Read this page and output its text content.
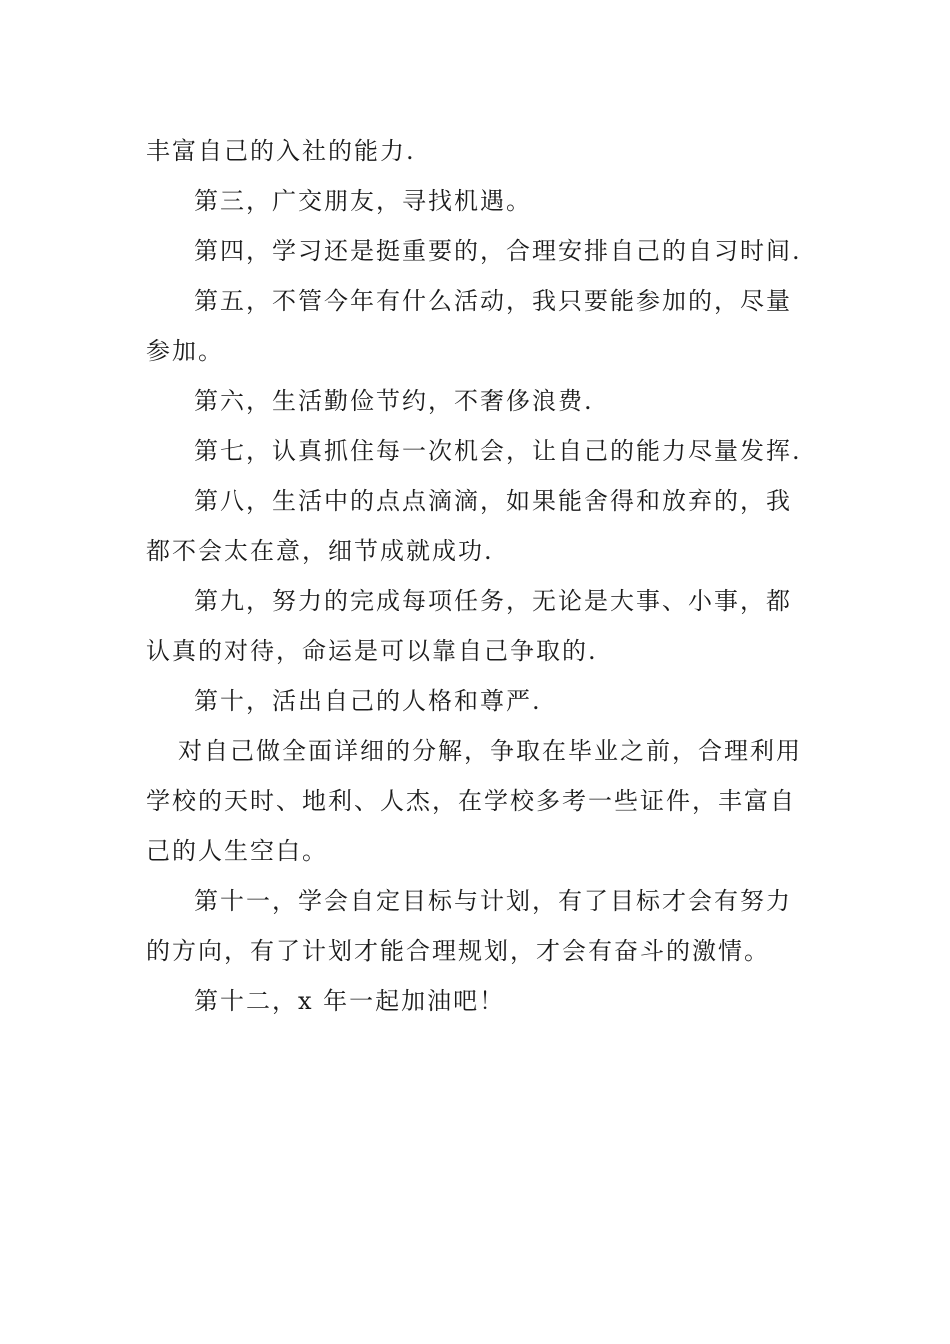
丰富自己的入社的能力.

第三，广交朋友，寻找机遇。

第四，学习还是挺重要的，合理安排自己的自习时间.

第五，不管今年有什么活动，我只要能参加的，尽量参加。

第六，生活勤俭节约，不奢侈浪费.

第七，认真抓住每一次机会，让自己的能力尽量发挥.

第八，生活中的点点滴滴，如果能舍得和放弃的，我都不会太在意，细节成就成功.

第九，努力的完成每项任务，无论是大事、小事，都认真的对待，命运是可以靠自己争取的.

第十，活出自己的人格和尊严.

对自己做全面详细的分解，争取在毕业之前，合理利用学校的天时、地利、人杰，在学校多考一些证件，丰富自己的人生空白。

第十一，学会自定目标与计划，有了目标才会有努力的方向，有了计划才能合理规划，才会有奋斗的激情。

第十二，x 年一起加油吧！
